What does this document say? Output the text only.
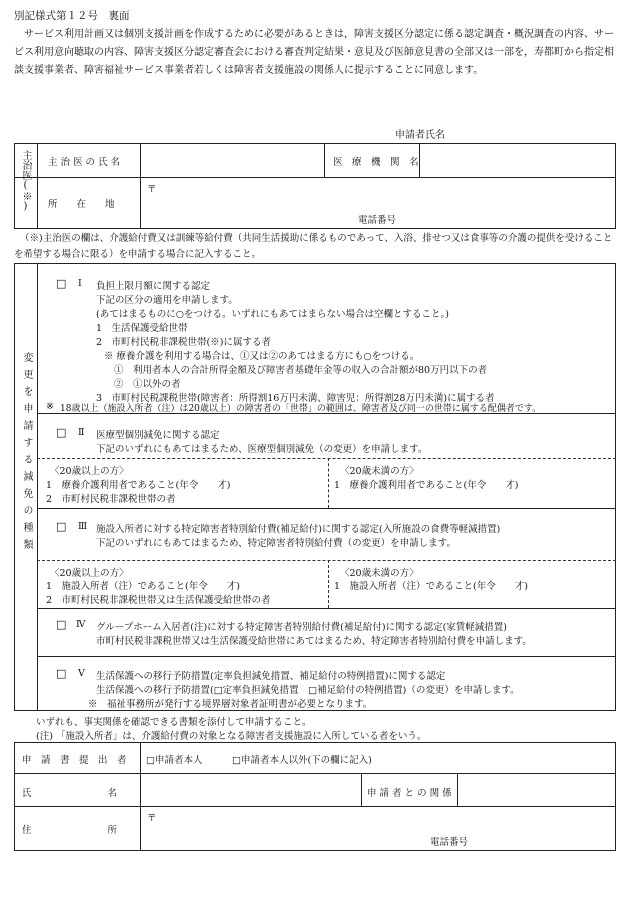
別記様式第１２号　裏面
サービス利用計画又は個別支援計画を作成するために必要があるときは，障害支援区分認定に係る認定調査・概況調査の内容、サービス利用意向聴取の内容、障害支援区分認定審査会における審査判定結果・意見及び医師意見書の全部又は一部を，寿都町から指定相談支援事業者、障害福祉サービス事業者若しくは障害者支援施設の関係人に提示することに同意します。
申請者氏名
主治医(※) 主 治 医 の 氏 名	医　療　機　関　名
所　　在　　地
〒
電話番号
（※)主治医の欄は、介護給付費又は訓練等給付費（共同生活援助に係るものであって、入浴、排せつ又は食事等の介護の提供を受けることを希望する場合に限る）を申請する場合に記入すること。
変更を申請する減免の種類
□ Ⅰ 負担上限月額に関する認定
下記の区分の適用を申請します。
(あてはまるものに○をつける。いずれにもあてはまらない場合は空欄とすること。)
1　生活保護受給世帯
2　市町村民税非課税世帯(※)に属する者
※ 療養介護を利用する場合は、①又は②のあてはまる方にも○をつける。
①　利用者本人の合計所得金額及び障害者基礎年金等の収入の合計額が80万円以下の者
②　①以外の者
3　市町村民税課税世帯(障害者：所得割16万円未満、障害児：所得割28万円未満)に属する者
※ 18歳以上（施設入所者（注）は20歳以上）の障害者の「世帯」の範囲は、障害者及び同一の世帯に属する配偶者です。
□ Ⅱ 医療型個別減免に関する認定
下記のいずれにもあてはまるため、医療型個別減免（の変更）を申請します。
〈20歳以上の方〉
1　療養介護利用者であること(年令　　才)
2　市町村民税非課税世帯の者
〈20歳未満の方〉
1　療養介護利用者であること(年令　　才)
□ Ⅲ 施設入所者に対する特定障害者特別給付費(補足給付)に関する認定(入所施設の食費等軽減措置)
下記のいずれにもあてはまるため、特定障害者特別給付費（の変更）を申請します。
〈20歳以上の方〉
1　施設入所者（注）であること(年令　　才)
2　市町村民税非課税世帯又は生活保護受給世帯の者
〈20歳未満の方〉
1　施設入所者（注）であること(年令　　才)
□ Ⅳ グループホーム入居者(注)に対する特定障害者特別給付費(補足給付)に関する認定(家賃軽減措置)
市町村民税非課税世帯又は生活保護受給世帯にあてはまるため、特定障害者特別給付費を申請します。
□ Ⅴ 生活保護への移行予防措置(定率負担減免措置、補足給付の特例措置)に関する認定
生活保護への移行予防措置(□定率負担減免措置　□補足給付の特例措置)（の変更）を申請します。
※　福祉事務所が発行する境界層対象者証明書が必要となります。
いずれも、事実関係を確認できる書類を添付して申請すること。
(注) 「施設入所者」は、介護給付費の対象となる障害者支援施設に入所している者をいう。
申　請　書　提　出　者 □申請者本人	□申請者本人以外(下の欄に記入)
氏　　　　　　　　名	申 請 者 と の 関 係
住　　　　　　　　所
〒
電話番号
